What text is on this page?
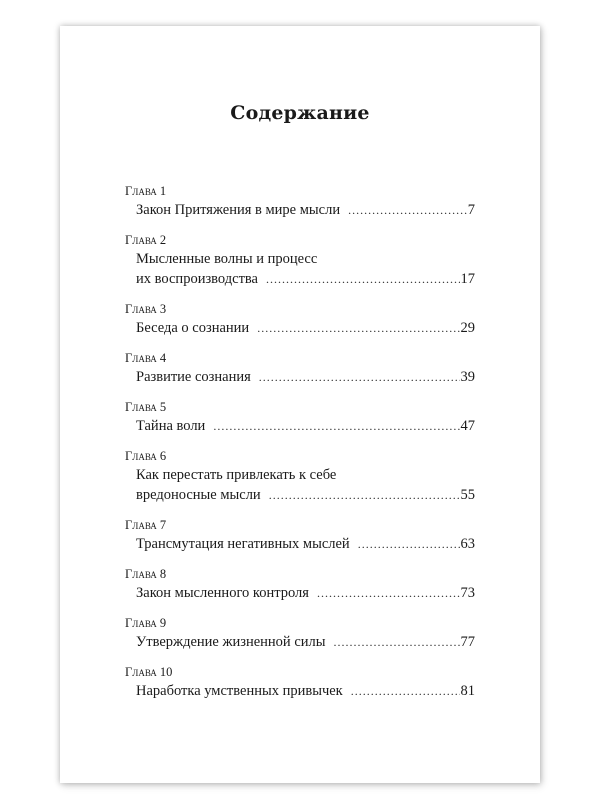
Содержание
Глава 1
Закон Притяжения в мире мысли .....	7
Глава 2
Мысленные волны и процесс
их воспроизводства .....	17
Глава 3
Беседа о сознании .....	29
Глава 4
Развитие сознания .....	39
Глава 5
Тайна воли .....	47
Глава 6
Как перестать привлекать к себе
вредоносные мысли .....	55
Глава 7
Трансмутация негативных мыслей .....	63
Глава 8
Закон мысленного контроля .....	73
Глава 9
Утверждение жизненной силы .....	77
Глава 10
Наработка умственных привычек .....	81
